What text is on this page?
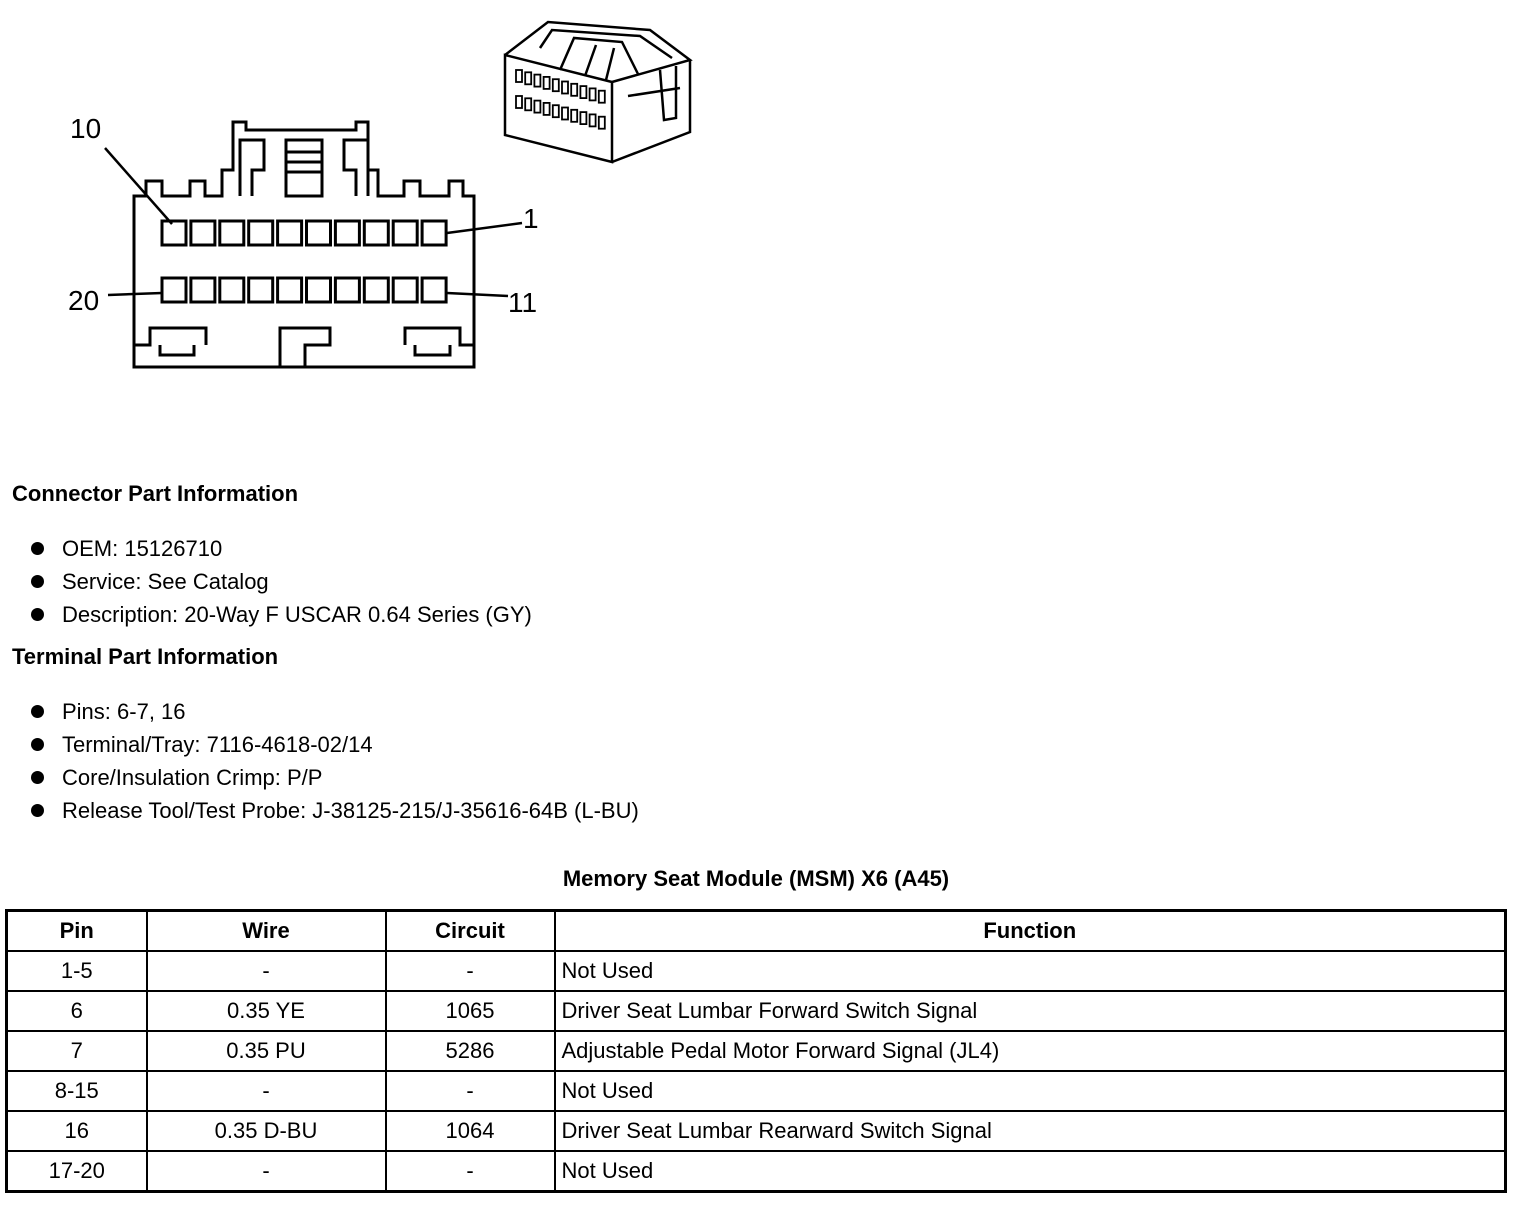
10
1
20	11
Connector Part Information
OEM: 15126710
Service: See Catalog
Description: 20-Way F USCAR 0.64 Series (GY)
Terminal Part Information
Pins: 6-7, 16
Terminal/Tray: 7116-4618-02/14
Core/Insulation Crimp: P/P
Release Tool/Test Probe: J-38125-215/J-35616-64B (L-BU)
Memory Seat Module (MSM) X6 (A45)
Pin	Wire	Circuit	Function
1-5	-	-	Not Used
6	0.35 YE	1065	Driver Seat Lumbar Forward Switch Signal
7	0.35 PU	5286	Adjustable Pedal Motor Forward Signal (JL4)
8-15	-	-	Not Used
16	0.35 D-BU	1064	Driver Seat Lumbar Rearward Switch Signal
17-20	-	-	Not Used
